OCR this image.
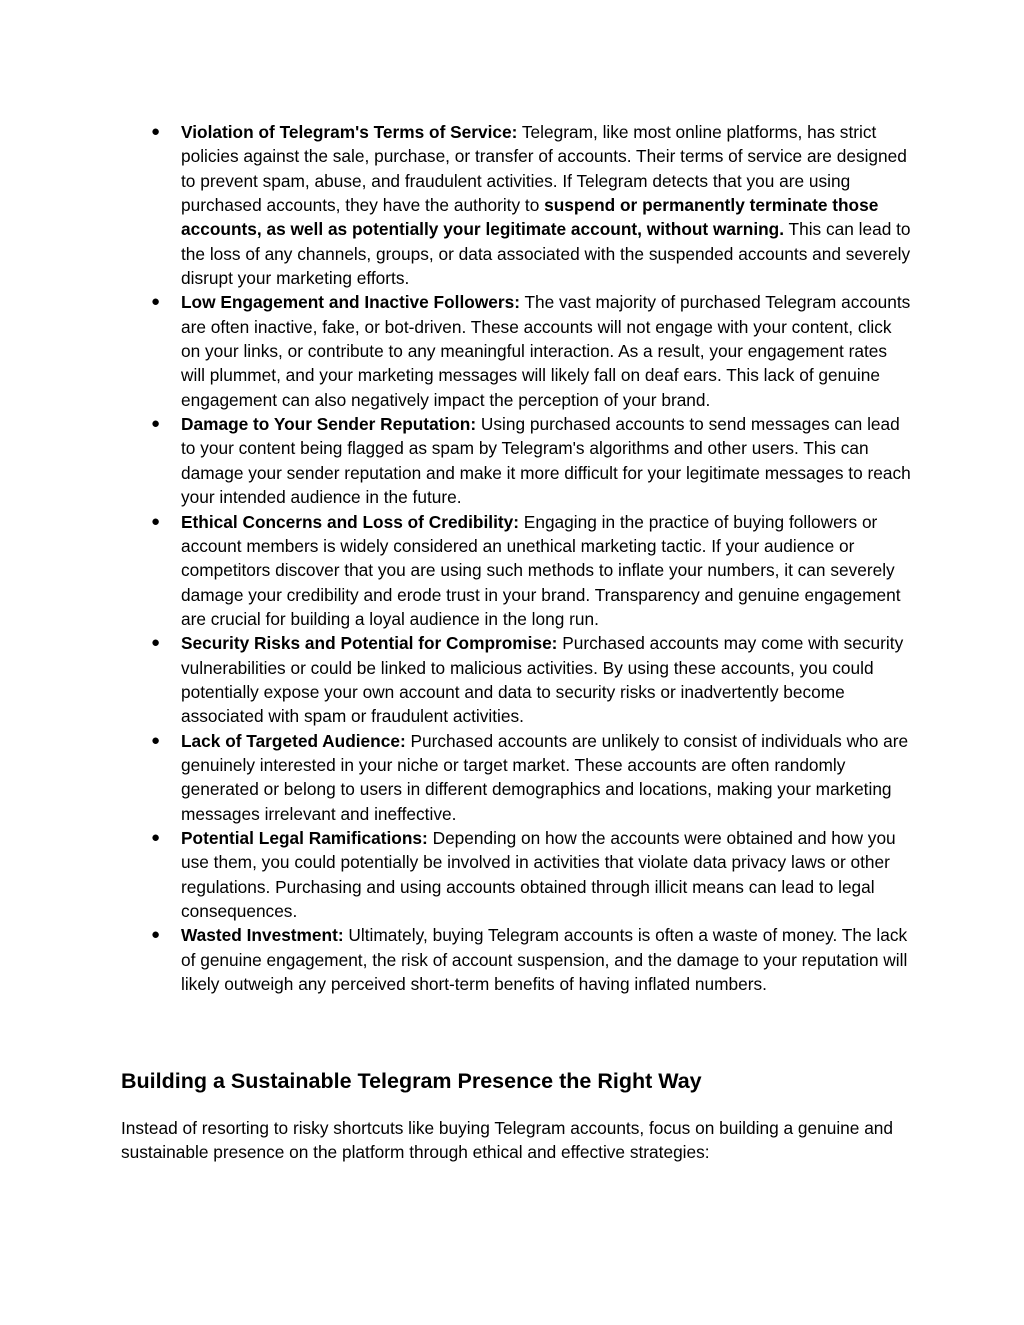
● Violation of Telegram's Terms of Service: Telegram, like most online platforms, has strict policies against the sale, purchase, or transfer of accounts. Their terms of service are designed to prevent spam, abuse, and fraudulent activities. If Telegram detects that you are using purchased accounts, they have the authority to suspend or permanently terminate those accounts, as well as potentially your legitimate account, without warning. This can lead to the loss of any channels, groups, or data associated with the suspended accounts and severely disrupt your marketing efforts.
● Low Engagement and Inactive Followers: The vast majority of purchased Telegram accounts are often inactive, fake, or bot-driven. These accounts will not engage with your content, click on your links, or contribute to any meaningful interaction. As a result, your engagement rates will plummet, and your marketing messages will likely fall on deaf ears. This lack of genuine engagement can also negatively impact the perception of your brand.
● Damage to Your Sender Reputation: Using purchased accounts to send messages can lead to your content being flagged as spam by Telegram's algorithms and other users. This can damage your sender reputation and make it more difficult for your legitimate messages to reach your intended audience in the future.
● Ethical Concerns and Loss of Credibility: Engaging in the practice of buying followers or account members is widely considered an unethical marketing tactic. If your audience or competitors discover that you are using such methods to inflate your numbers, it can severely damage your credibility and erode trust in your brand. Transparency and genuine engagement are crucial for building a loyal audience in the long run.
● Security Risks and Potential for Compromise: Purchased accounts may come with security vulnerabilities or could be linked to malicious activities. By using these accounts, you could potentially expose your own account and data to security risks or inadvertently become associated with spam or fraudulent activities.
● Lack of Targeted Audience: Purchased accounts are unlikely to consist of individuals who are genuinely interested in your niche or target market. These accounts are often randomly generated or belong to users in different demographics and locations, making your marketing messages irrelevant and ineffective.
● Potential Legal Ramifications: Depending on how the accounts were obtained and how you use them, you could potentially be involved in activities that violate data privacy laws or other regulations. Purchasing and using accounts obtained through illicit means can lead to legal consequences.
● Wasted Investment: Ultimately, buying Telegram accounts is often a waste of money. The lack of genuine engagement, the risk of account suspension, and the damage to your reputation will likely outweigh any perceived short-term benefits of having inflated numbers.
Building a Sustainable Telegram Presence the Right Way

Instead of resorting to risky shortcuts like buying Telegram accounts, focus on building a genuine and sustainable presence on the platform through ethical and effective strategies:
